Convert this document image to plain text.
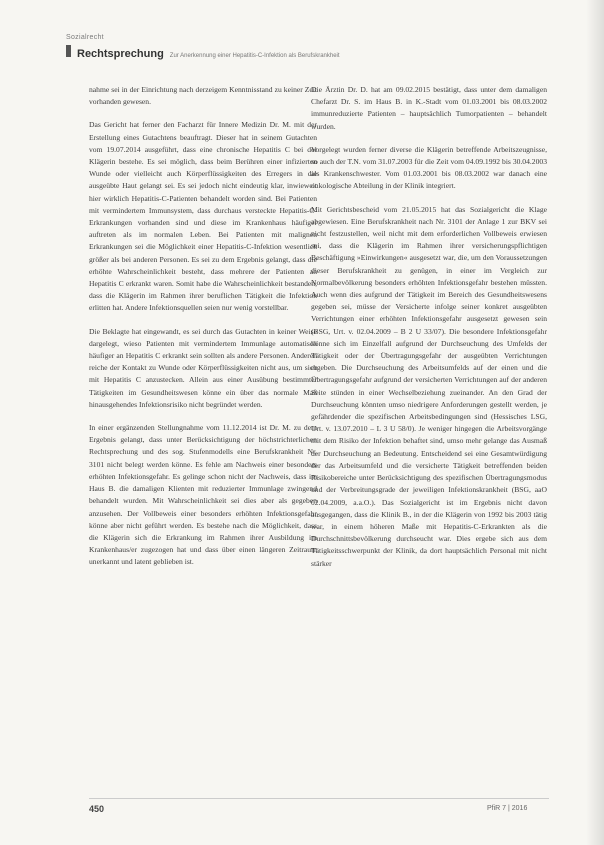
Sozialrecht
Rechtsprechung Zur Anerkennung einer Hepatitis-C-Infektion als Berufskrankheit

nahme sei in der Einrichtung nach derzeigem Kenntnisstand zu keiner Zeit vorhanden gewesen.

Das Gericht hat ferner den Facharzt für Innere Medizin Dr. M. mit der Erstellung eines Gutachtens beauftragt. Dieser hat in seinem Gutachten vom 19.07.2014 ausgeführt, dass eine chronische Hepatitis C bei der Klägerin bestehe. Es sei möglich, dass beim Berühren einer infizierten Wunde oder vielleicht auch Körperflüssigkeiten des Erregers in die ausgeübte Haut gelangt sei. Es sei jedoch nicht eindeutig klar, inwieweit hier wirklich Hepatitis-C-Patienten behandelt worden sind. Bei Patienten mit vermindertem Immunsystem, dass durchaus versteckte Hepatitis-C-Erkrankungen vorhanden sind und diese im Krankenhaus häufiger auftreten als im normalen Leben. Bei Patienten mit malignen Erkrankungen sei die Möglichkeit einer Hepatitis-C-Infektion wesentlich größer als bei anderen Personen. Es sei zu dem Ergebnis gelangt, dass die erhöhte Wahrscheinlichkeit besteht, dass mehrere der Patienten an Hepatitis C erkrankt waren. Somit habe die Wahrscheinlichkeit bestanden, dass die Klägerin im Rahmen ihrer beruflichen Tätigkeit die Infektion erlitten hat. Andere Infektionsquellen seien nur wenig vorstellbar.

Die Beklagte hat eingewandt, es sei durch das Gutachten in keiner Weise dargelegt, wieso Patienten mit vermindertem Immunlage automatisch häufiger an Hepatitis C erkrankt sein sollten als andere Personen. Anderen reiche der Kontakt zu Wunde oder Körperflüssigkeiten nicht aus, um sich mit Hepatitis C anzustecken. Allein aus einer Ausübung bestimmter Tätigkeiten im Gesundheitswesen könne ein über das normale Maß hinausgehendes Infektionsrisiko nicht begründet werden.

In einer ergänzenden Stellungnahme vom 11.12.2014 ist Dr. M. zu dem Ergebnis gelangt, dass unter Berücksichtigung der höchstrichterlichen Rechtsprechung und des sog. Stufenmodells eine Berufskrankheit Nr. 3101 nicht belegt werden könne. Es fehle am Nachweis einer besonders erhöhten Infektionsgefahr. Es gelinge schon nicht der Nachweis, dass im Haus B. die damaligen Klienten mit reduzierter Immunlage zwingend behandelt wurden. Mit Wahrscheinlichkeit sei dies aber als gegeben anzusehen. Der Vollbeweis einer besonders erhöhten Infektionsgefahr könne aber nicht geführt werden. Es bestehe nach die Möglichkeit, dass die Klägerin sich die Erkrankung im Rahmen ihrer Ausbildung im Krankenhaus/er zugezogen hat und dass über einen längeren Zeitraum unerkannt und latent geblieben ist.

Die Ärztin Dr. D. hat am 09.02.2015 bestätigt, dass unter dem damaligen Chefarzt Dr. S. im Haus B. in K.-Stadt vom 01.03.2001 bis 08.03.2002 immunreduzierte Patienten – hauptsächlich Tumorpatienten – behandelt wurden.

Vorgelegt wurden ferner diverse die Klägerin betreffende Arbeitszeugnisse, so auch der T.N. vom 31.07.2003 für die Zeit vom 04.09.1992 bis 30.04.2003 als Krankenschwester. Vom 01.03.2001 bis 08.03.2002 war danach eine onkologische Abteilung in der Klinik integriert.

Mit Gerichtsbescheid vom 21.05.2015 hat das Sozialgericht die Klage abgewiesen. Eine Berufskrankheit nach Nr. 3101 der Anlage 1 zur BKV sei nicht festzustellen, weil nicht mit dem erforderlichen Vollbeweis erwiesen sei, dass die Klägerin im Rahmen ihrer versicherungspflichtigen Beschäftigung »Einwirkungen« ausgesetzt war, die, um den Voraussetzungen dieser Berufskrankheit zu genügen, in einer im Vergleich zur Normalbevölkerung besonders erhöhten Infektionsgefahr bestehen müssten. Auch wenn dies aufgrund der Tätigkeit im Bereich des Gesundheitswesens gegeben sei, müsse der Versicherte infolge seiner konkret ausgeübten Verrichtungen einer erhöhten Infektionsgefahr ausgesetzt gewesen sein (BSG, Urt. v. 02.04.2009 – B 2 U 33/07). Die besondere Infektionsgefahr könne sich im Einzelfall aufgrund der Durchseuchung des Umfelds der Tätigkeit oder der Übertragungsgefahr der ausgeübten Verrichtungen ergeben. Die Durchseuchung des Arbeitsumfelds auf der einen und die Übertragungsgefahr aufgrund der versicherten Verrichtungen auf der anderen Seite stünden in einer Wechselbeziehung zueinander. An den Grad der Durchseuchung könnten umso niedrigere Anforderungen gestellt werden, je gefährdender die spezifischen Arbeitsbedingungen sind (Hessisches LSG, Urt. v. 13.07.2010 – L 3 U 58/0). Je weniger hingegen die Arbeitsvorgänge mit dem Risiko der Infektion behaftet sind, umso mehr gelange das Ausmaß der Durchseuchung an Bedeutung. Entscheidend sei eine Gesamtwürdigung der das Arbeitsumfeld und die versicherte Tätigkeit betreffenden beiden Risikobereiche unter Berücksichtigung des spezifischen Übertragungsmodus und der Verbreitungsgrade der jeweiligen Infektionskrankheit (BSG, aaO 02.04.2009, a.a.O.). Das Sozialgericht ist im Ergebnis nicht davon ausgegangen, dass die Klinik B., in der die Klägerin von 1992 bis 2003 tätig war, in einem höheren Maße mit Hepatitis-C-Erkrankten als die Durchschnittsbevölkerung durchseucht war. Dies ergebe sich aus dem Tätigkeitsschwerpunkt der Klinik, da dort hauptsächlich Personal mit nicht stärker

450	PfiR 7 | 2016
